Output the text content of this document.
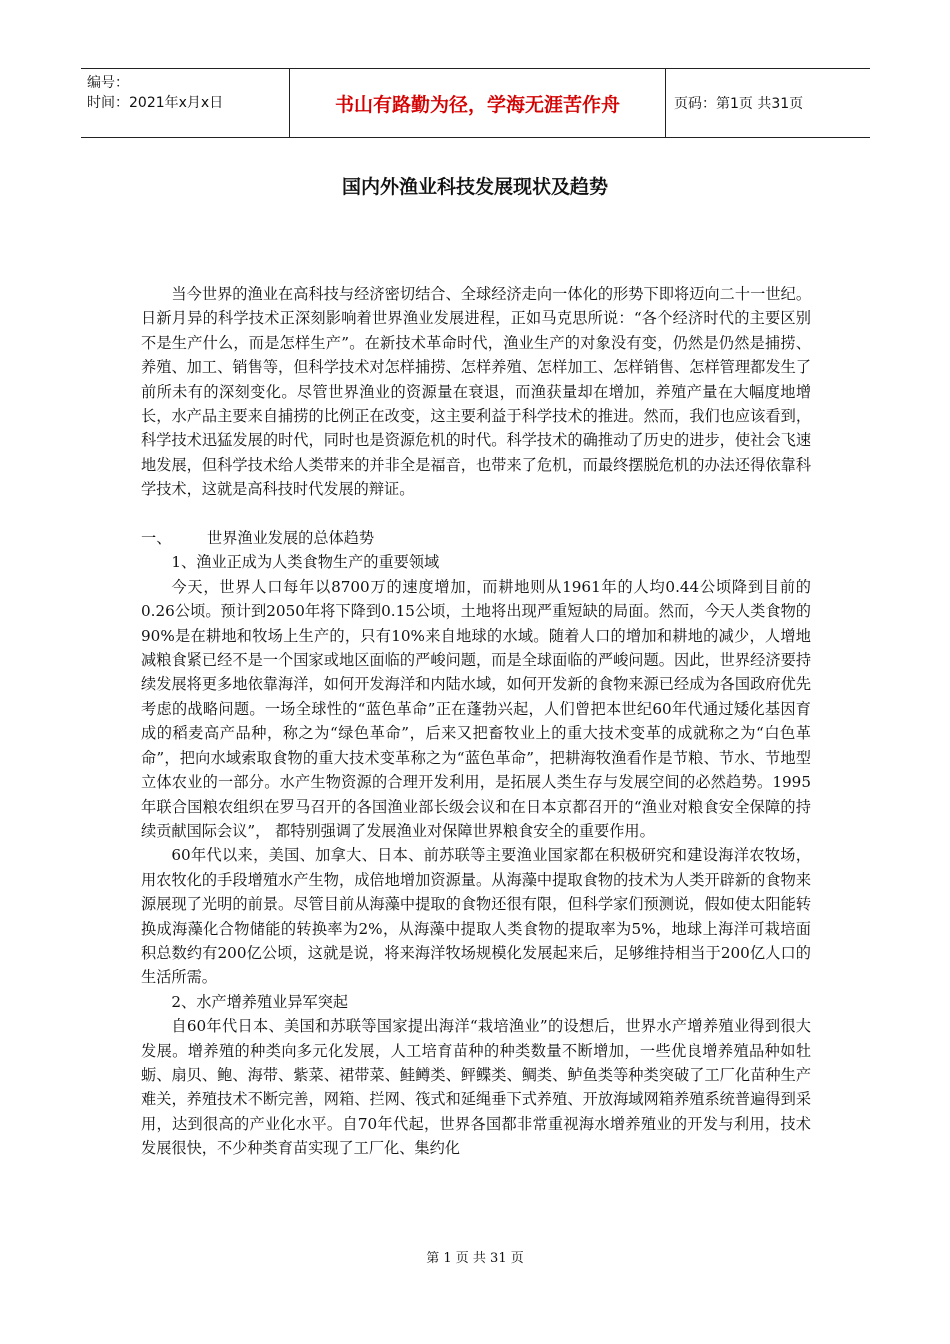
编号：
时间：2021年x月x日	书山有路勤为径，学海无涯苦作舟	页码：第1页 共31页
国内外渔业科技发展现状及趋势

当今世界的渔业在高科技与经济密切结合、全球经济走向一体化的形势下即将迈向二十一世纪。日新月异的科学技术正深刻影响着世界渔业发展进程，正如马克思所说：“各个经济时代的主要区别不是生产什么，而是怎样生产”。在新技术革命时代，渔业生产的对象没有变，仍然是仍然是捕捞、养殖、加工、销售等，但科学技术对怎样捕捞、怎样养殖、怎样加工、怎样销售、怎样管理都发生了前所未有的深刻变化。尽管世界渔业的资源量在衰退，而渔获量却在增加，养殖产量在大幅度地增长，水产品主要来自捕捞的比例正在改变，这主要利益于科学技术的推进。然而，我们也应该看到，科学技术迅猛发展的时代，同时也是资源危机的时代。科学技术的确推动了历史的进步，使社会飞速地发展，但科学技术给人类带来的并非全是福音，也带来了危机，而最终摆脱危机的办法还得依靠科学技术，这就是高科技时代发展的辩证。

一、 世界渔业发展的总体趋势

1、渔业正成为人类食物生产的重要领域

今天，世界人口每年以8700万的速度增加，而耕地则从1961年的人均0.44公顷降到目前的0.26公顷。预计到2050年将下降到0.15公顷，土地将出现严重短缺的局面。然而，今天人类食物的90%是在耕地和牧场上生产的，只有10%来自地球的水域。随着人口的增加和耕地的减少，人增地减粮食紧已经不是一个国家或地区面临的严峻问题，而是全球面临的严峻问题。因此，世界经济要持续发展将更多地依靠海洋，如何开发海洋和内陆水域，如何开发新的食物来源已经成为各国政府优先考虑的战略问题。一场全球性的“蓝色革命”正在蓬勃兴起，人们曾把本世纪60年代通过矮化基因育成的稻麦高产品种，称之为“绿色革命”，后来又把畜牧业上的重大技术变革的成就称之为“白色革命”，把向水域索取食物的重大技术变革称之为“蓝色革命”，把耕海牧渔看作是节粮、节水、节地型立体农业的一部分。水产生物资源的合理开发利用，是拓展人类生存与发展空间的必然趋势。1995年联合国粮农组织在罗马召开的各国渔业部长级会议和在日本京都召开的“渔业对粮食安全保障的持续贡献国际会议”， 都特别强调了发展渔业对保障世界粮食安全的重要作用。

60年代以来，美国、加拿大、日本、前苏联等主要渔业国家都在积极研究和建设海洋农牧场，用农牧化的手段增殖水产生物，成倍地增加资源量。从海藻中提取食物的技术为人类开辟新的食物来源展现了光明的前景。尽管目前从海藻中提取的食物还很有限，但科学家们预测说，假如使太阳能转换成海藻化合物储能的转换率为2%，从海藻中提取人类食物的提取率为5%，地球上海洋可栽培面积总数约有200亿公顷，这就是说，将来海洋牧场规模化发展起来后，足够维持相当于200亿人口的生活所需。

2、水产增养殖业异军突起

自60年代日本、美国和苏联等国家提出海洋“栽培渔业”的设想后，世界水产增养殖业得到很大发展。增养殖的种类向多元化发展，人工培育苗种的种类数量不断增加，一些优良增养殖品种如牡蛎、扇贝、鲍、海带、紫菜、裙带菜、鲑鳟类、鲆鲽类、鲷类、鲈鱼类等种类突破了工厂化苗种生产难关，养殖技术不断完善，网箱、拦网、筏式和延绳垂下式养殖、开放海域网箱养殖系统普遍得到采用，达到很高的产业化水平。自70年代起，世界各国都非常重视海水增养殖业的开发与利用，技术发展很快，不少种类育苗实现了工厂化、集约化

第 1 页 共 31 页
